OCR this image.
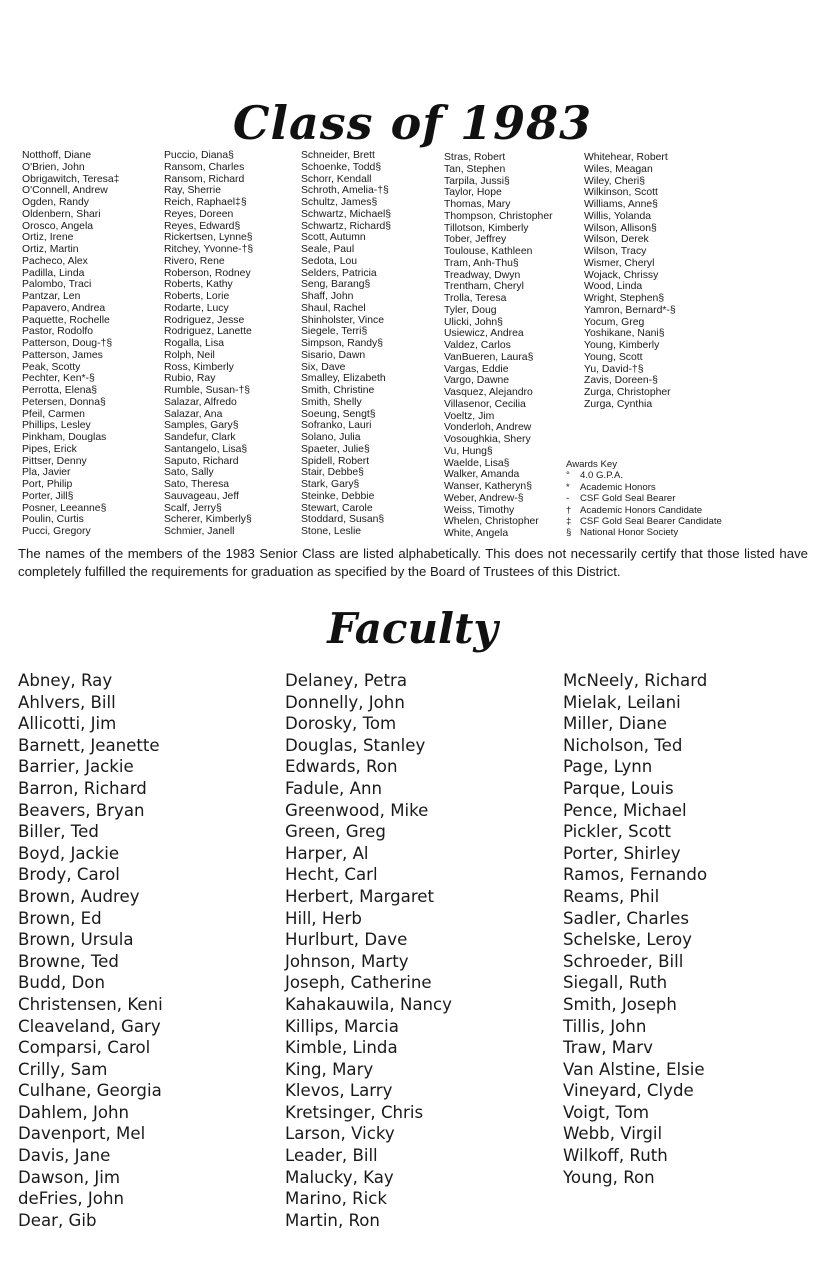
Class of 1983
Notthoff, Diane
O'Brien, John
Obrigawitch, Teresa‡
O'Connell, Andrew
Ogden, Randy
Oldenbern, Shari
Orosco, Angela
Ortiz, Irene
Ortiz, Martin
Pacheco, Alex
Padilla, Linda
Palombo, Traci
Pantzar, Len
Papavero, Andrea
Paquette, Rochelle
Pastor, Rodolfo
Patterson, Doug-†§
Patterson, James
Peak, Scotty
Pechter, Ken*-§
Perrotta, Elena§
Petersen, Donna§
Pfeil, Carmen
Phillips, Lesley
Pinkham, Douglas
Pipes, Erick
Pittser, Denny
Pla, Javier
Port, Philip
Porter, Jill§
Posner, Leeanne§
Poulin, Curtis
Pucci, Gregory
Puccio, Diana§
Ransom, Charles
Ransom, Richard
Ray, Sherrie
Reich, Raphael‡§
Reyes, Doreen
Reyes, Edward§
Rickertsen, Lynne§
Ritchey, Yvonne-†§
Rivero, Rene
Roberson, Rodney
Roberts, Kathy
Roberts, Lorie
Rodarte, Lucy
Rodriguez, Jesse
Rodriguez, Lanette
Rogalla, Lisa
Rolph, Neil
Ross, Kimberly
Rubio, Ray
Rumble, Susan-†§
Salazar, Alfredo
Salazar, Ana
Samples, Gary§
Sandefur, Clark
Santangelo, Lisa§
Saputo, Richard
Sato, Sally
Sato, Theresa
Sauvageau, Jeff
Scalf, Jerry§
Scherer, Kimberly§
Schmier, Janell
Schneider, Brett
Schoenke, Todd§
Schorr, Kendall
Schroth, Amelia-†§
Schultz, James§
Schwartz, Michael§
Schwartz, Richard§
Scott, Autumn
Seale, Paul
Sedota, Lou
Selders, Patricia
Seng, Barang§
Shaff, John
Shaul, Rachel
Shinholster, Vince
Siegele, Terri§
Simpson, Randy§
Sisario, Dawn
Six, Dave
Smalley, Elizabeth
Smith, Christine
Smith, Shelly
Soeung, Sengt§
Sofranko, Lauri
Solano, Julia
Spaeter, Julie§
Spidell, Robert
Stair, Debbe§
Stark, Gary§
Steinke, Debbie
Stewart, Carole
Stoddard, Susan§
Stone, Leslie
Stras, Robert
Tan, Stephen
Tarpila, Jussi§
Taylor, Hope
Thomas, Mary
Thompson, Christopher
Tillotson, Kimberly
Tober, Jeffrey
Toulouse, Kathleen
Tram, Anh-Thu§
Treadway, Dwyn
Trentham, Cheryl
Trolla, Teresa
Tyler, Doug
Ulicki, John§
Usiewicz, Andrea
Valdez, Carlos
VanBueren, Laura§
Vargas, Eddie
Vargo, Dawne
Vasquez, Alejandro
Villasenor, Cecilia
Voeltz, Jim
Vonderloh, Andrew
Vosoughkia, Shery
Vu, Hung§
Waelde, Lisa§
Walker, Amanda
Wanser, Katheryn§
Weber, Andrew-§
Weiss, Timothy
Whelen, Christopher
White, Angela
Whitehear, Robert
Wiles, Meagan
Wiley, Cheri§
Wilkinson, Scott
Williams, Anne§
Willis, Yolanda
Wilson, Allison§
Wilson, Derek
Wilson, Tracy
Wismer, Cheryl
Wojack, Chrissy
Wood, Linda
Wright, Stephen§
Yamron, Bernard*-§
Yocum, Greg
Yoshikane, Nani§
Young, Kimberly
Young, Scott
Yu, David-†§
Zavis, Doreen-§
Zurga, Christopher
Zurga, Cynthia
Awards Key
°	4.0 G.P.A.
*	Academic Honors
-	CSF Gold Seal Bearer
† Academic Honors Candidate
‡ CSF Gold Seal Bearer Candidate
§ National Honor Society

The names of the members of the 1983 Senior Class are listed alphabetically. This does not necessarily certify that those listed have completely fulfilled the requirements for graduation as specified by the Board of Trustees of this District.

Faculty
Abney, Ray
Ahlvers, Bill
Allicotti, Jim
Barnett, Jeanette
Barrier, Jackie
Barron, Richard
Beavers, Bryan
Biller, Ted
Boyd, Jackie
Brody, Carol
Brown, Audrey
Brown, Ed
Brown, Ursula
Browne, Ted
Budd, Don
Christensen, Keni
Cleaveland, Gary
Comparsi, Carol
Crilly, Sam
Culhane, Georgia
Dahlem, John
Davenport, Mel
Davis, Jane
Dawson, Jim
deFries, John
Dear, Gib
Delaney, Petra
Donnelly, John
Dorosky, Tom
Douglas, Stanley
Edwards, Ron
Fadule, Ann
Greenwood, Mike
Green, Greg
Harper, Al
Hecht, Carl
Herbert, Margaret
Hill, Herb
Hurlburt, Dave
Johnson, Marty
Joseph, Catherine
Kahakauwila, Nancy
Killips, Marcia
Kimble, Linda
King, Mary
Klevos, Larry
Kretsinger, Chris
Larson, Vicky
Leader, Bill
Malucky, Kay
Marino, Rick
Martin, Ron
McNeely, Richard
Mielak, Leilani
Miller, Diane
Nicholson, Ted
Page, Lynn
Parque, Louis
Pence, Michael
Pickler, Scott
Porter, Shirley
Ramos, Fernando
Reams, Phil
Sadler, Charles
Schelske, Leroy
Schroeder, Bill
Siegall, Ruth
Smith, Joseph
Tillis, John
Traw, Marv
Van Alstine, Elsie
Vineyard, Clyde
Voigt, Tom
Webb, Virgil
Wilkoff, Ruth
Young, Ron
